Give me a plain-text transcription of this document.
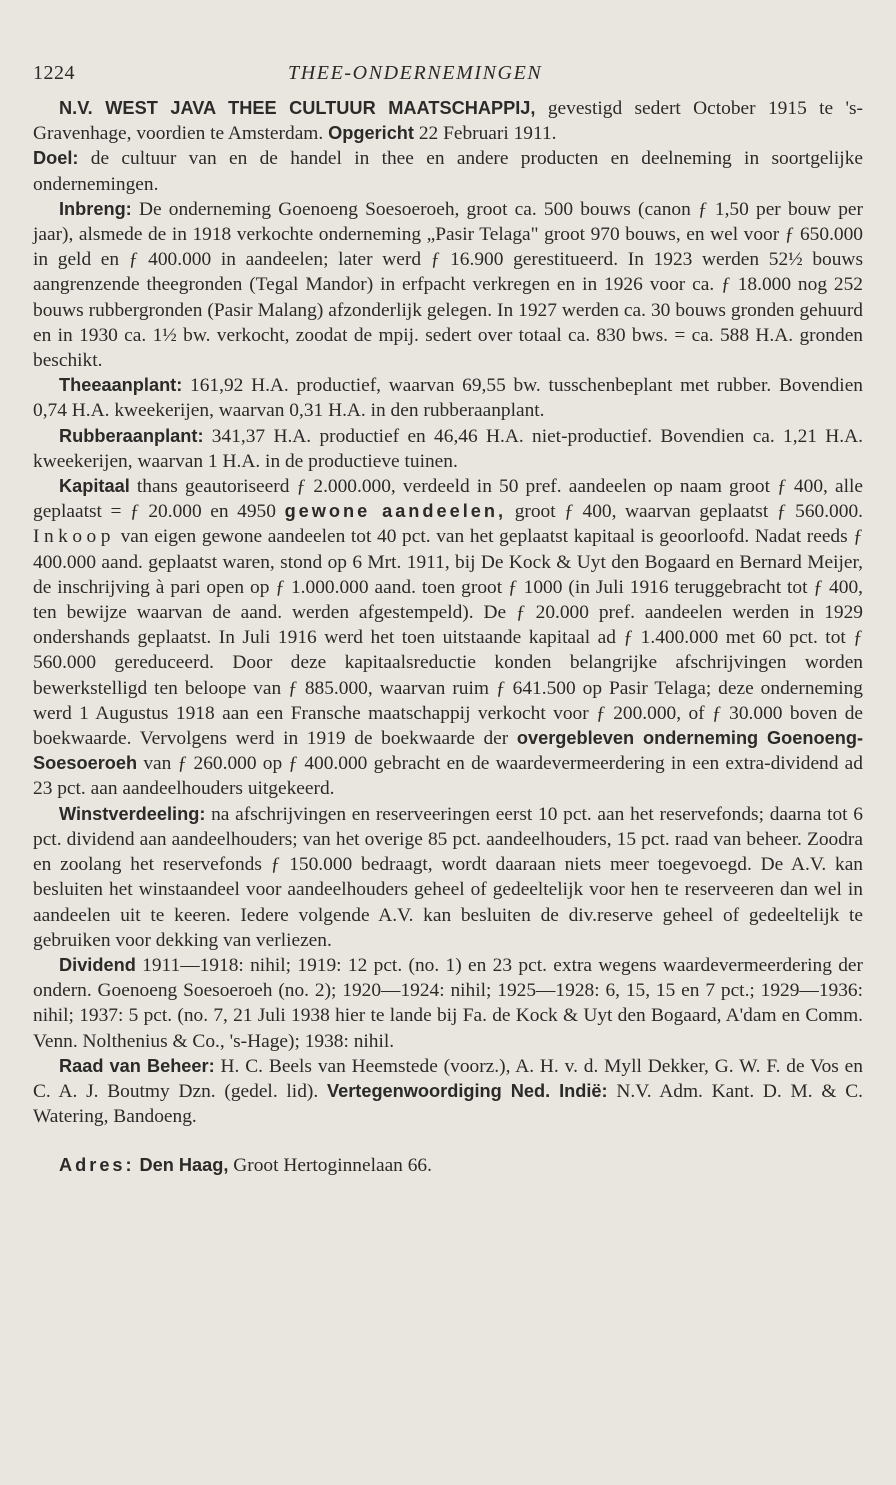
1224	THEE-ONDERNEMINGEN

N.V. WEST JAVA THEE CULTUUR MAATSCHAPPIJ, gevestigd sedert October 1915 te 's-Gravenhage, voordien te Amsterdam. Opgericht 22 Februari 1911.

Doel: de cultuur van en de handel in thee en andere producten en deelneming in soortgelijke ondernemingen.

Inbreng: De onderneming Goenoeng Soesoeroeh, groot ca. 500 bouws (canon ƒ 1,50 per bouw per jaar), alsmede de in 1918 verkochte onderneming „Pasir Telaga" groot 970 bouws, en wel voor ƒ 650.000 in geld en ƒ 400.000 in aandeelen; later werd ƒ 16.900 gerestitueerd. In 1923 werden 52½ bouws aangrenzende theegronden (Tegal Mandor) in erfpacht verkregen en in 1926 voor ca. ƒ 18.000 nog 252 bouws rubbergronden (Pasir Malang) afzonderlijk gelegen. In 1927 werden ca. 30 bouws gronden gehuurd en in 1930 ca. 1½ bw. verkocht, zoodat de mpij. sedert over totaal ca. 830 bws. = ca. 588 H.A. gronden beschikt.

Theeaanplant: 161,92 H.A. productief, waarvan 69,55 bw. tusschenbeplant met rubber. Bovendien 0,74 H.A. kweekerijen, waarvan 0,31 H.A. in den rubberaanplant.

Rubberaanplant: 341,37 H.A. productief en 46,46 H.A. niet-productief. Bovendien ca. 1,21 H.A. kweekerijen, waarvan 1 H.A. in de productieve tuinen.

Kapitaal thans geautoriseerd ƒ 2.000.000, verdeeld in 50 pref. aandeelen op naam groot ƒ 400, alle geplaatst = ƒ 20.000 en 4950 gewone aandeelen, groot ƒ 400, waarvan geplaatst ƒ 560.000. Inkoop van eigen gewone aandeelen tot 40 pct. van het geplaatst kapitaal is geoorloofd. Nadat reeds ƒ 400.000 aand. geplaatst waren, stond op 6 Mrt. 1911, bij De Kock & Uyt den Bogaard en Bernard Meijer, de inschrijving à pari open op ƒ 1.000.000 aand. toen groot ƒ 1000 (in Juli 1916 teruggebracht tot ƒ 400, ten bewijze waarvan de aand. werden afgestempeld). De ƒ 20.000 pref. aandeelen werden in 1929 ondershands geplaatst. In Juli 1916 werd het toen uitstaande kapitaal ad ƒ 1.400.000 met 60 pct. tot ƒ 560.000 gereduceerd. Door deze kapitaalsreductie konden belangrijke afschrijvingen worden bewerkstelligd ten beloope van ƒ 885.000, waarvan ruim ƒ 641.500 op Pasir Telaga; deze onderneming werd 1 Augustus 1918 aan een Fransche maatschappij verkocht voor ƒ 200.000, of ƒ 30.000 boven de boekwaarde. Vervolgens werd in 1919 de boekwaarde der overgebleven onderneming Goenoeng-Soesoeroeh van ƒ 260.000 op ƒ 400.000 gebracht en de waardevermeerdering in een extra-dividend ad 23 pct. aan aandeelhouders uitgekeerd.

Winstverdeeling: na afschrijvingen en reserveeringen eerst 10 pct. aan het reservefonds; daarna tot 6 pct. dividend aan aandeelhouders; van het overige 85 pct. aandeelhouders, 15 pct. raad van beheer. Zoodra en zoolang het reservefonds ƒ 150.000 bedraagt, wordt daaraan niets meer toegevoegd. De A.V. kan besluiten het winstaandeel voor aandeelhouders geheel of gedeeltelijk voor hen te reserveeren dan wel in aandeelen uit te keeren. Iedere volgende A.V. kan besluiten de div.reserve geheel of gedeeltelijk te gebruiken voor dekking van verliezen.

Dividend 1911—1918: nihil; 1919: 12 pct. (no. 1) en 23 pct. extra wegens waardevermeerdering der ondern. Goenoeng Soesoeroeh (no. 2); 1920—1924: nihil; 1925—1928: 6, 15, 15 en 7 pct.; 1929—1936: nihil; 1937: 5 pct. (no. 7, 21 Juli 1938 hier te lande bij Fa. de Kock & Uyt den Bogaard, A'dam en Comm. Venn. Nolthenius & Co., 's-Hage); 1938: nihil.

Raad van Beheer: H. C. Beels van Heemstede (voorz.), A. H. v. d. Myll Dekker, G. W. F. de Vos en C. A. J. Boutmy Dzn. (gedel. lid). Vertegenwoordiging Ned. Indië: N.V. Adm. Kant. D. M. & C. Watering, Bandoeng.

Adres: Den Haag, Groot Hertoginnelaan 66.
